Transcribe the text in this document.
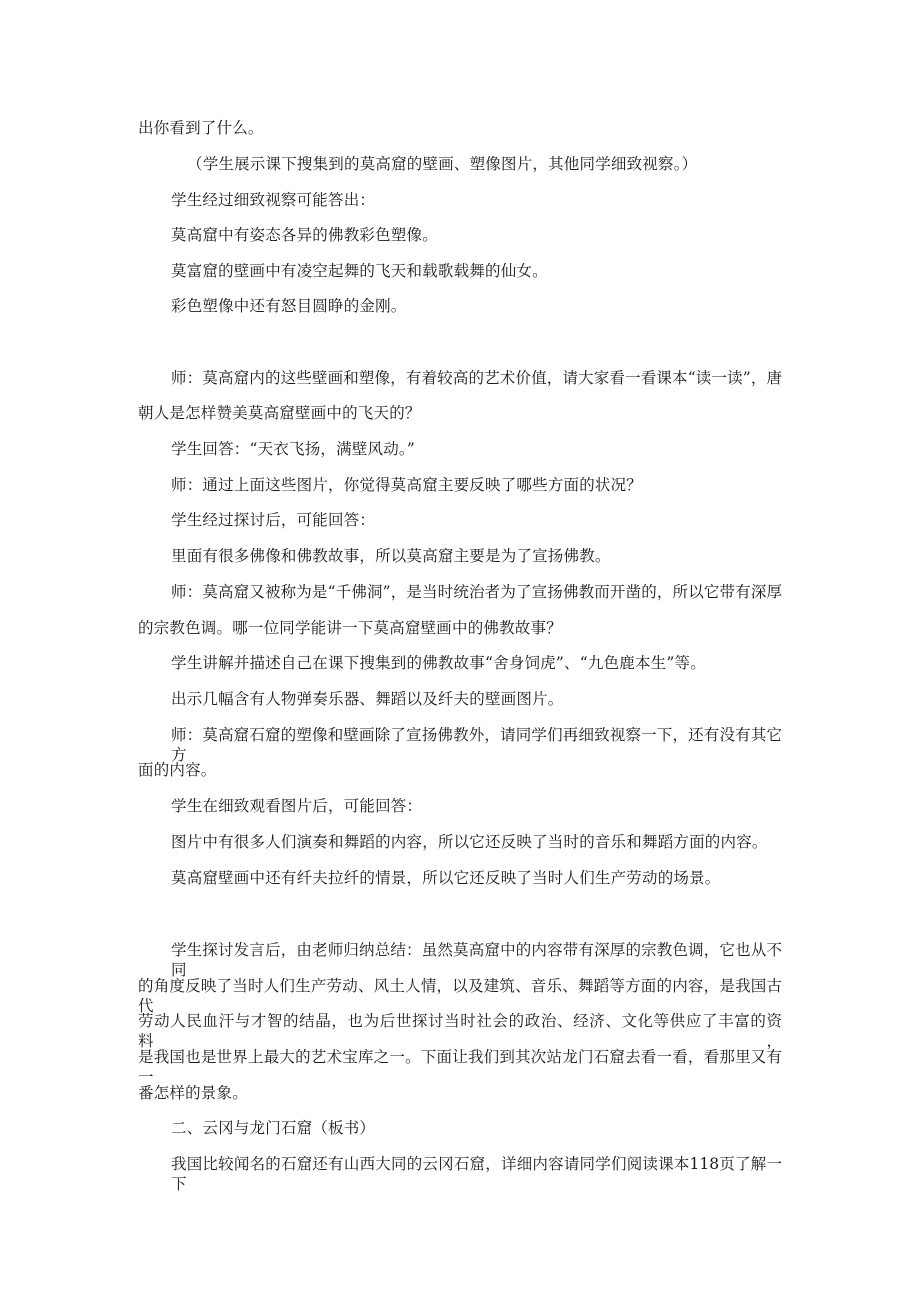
出你看到了什么。
（学生展示课下搜集到的莫高窟的壁画、塑像图片，其他同学细致视察。）
学生经过细致视察可能答出：
莫高窟中有姿态各异的佛教彩色塑像。
莫富窟的壁画中有凌空起舞的飞天和载歌载舞的仙女。
彩色塑像中还有怒目圆睁的金刚。
师：莫高窟内的这些壁画和塑像，有着较高的艺术价值，请大家看一看课本“读一读”，唐
朝人是怎样赞美莫高窟壁画中的飞天的？
学生回答：“天衣飞扬，满壁风动。”
师：通过上面这些图片，你觉得莫高窟主要反映了哪些方面的状况？
学生经过探讨后，可能回答：
里面有很多佛像和佛教故事，所以莫高窟主要是为了宣扬佛教。
师：莫高窟又被称为是“千佛洞”，是当时统治者为了宣扬佛教而开凿的，所以它带有深厚
的宗教色调。哪一位同学能讲一下莫高窟壁画中的佛教故事？
学生讲解并描述自己在课下搜集到的佛教故事“舍身饲虎”、“九色鹿本生”等。
出示几幅含有人物弹奏乐器、舞蹈以及纤夫的壁画图片。
师：莫高窟石窟的塑像和壁画除了宣扬佛教外，请同学们再细致视察一下，还有没有其它方
面的内容。
学生在细致观看图片后，可能回答：
图片中有很多人们演奏和舞蹈的内容，所以它还反映了当时的音乐和舞蹈方面的内容。
莫高窟壁画中还有纤夫拉纤的情景，所以它还反映了当时人们生产劳动的场景。
学生探讨发言后，由老师归纳总结：虽然莫高窟中的内容带有深厚的宗教色调，它也从不同
的角度反映了当时人们生产劳动、风土人情，以及建筑、音乐、舞蹈等方面的内容，是我国古代
劳动人民血汗与才智的结晶，也为后世探讨当时社会的政治、经济、文化等供应了丰富的资料，
是我国也是世界上最大的艺术宝库之一。下面让我们到其次站龙门石窟去看一看，看那里又有一
番怎样的景象。
二、云冈与龙门石窟（板书）
我国比较闻名的石窟还有山西大同的云冈石窟，详细内容请同学们阅读课本118页了解一下
